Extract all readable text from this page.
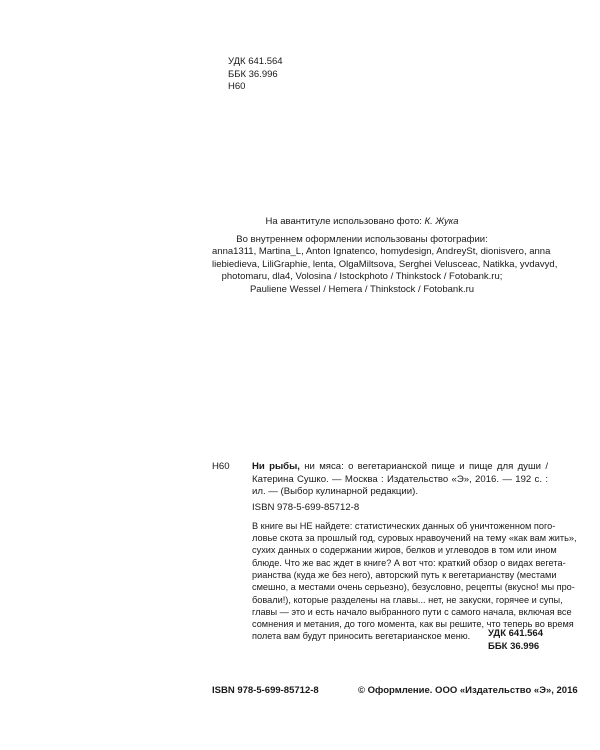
УДК 641.564
ББК 36.996
Н60
На авантитуле использовано фото: К. Жука
Во внутреннем оформлении использованы фотографии:
anna1311, Martina_L, Anton Ignatenco, homydesign, AndreySt, dionisvero, anna
liebiedieva, LiliGraphie, lenta, OlgaMiltsova, Serghei Velusceac, Natikka, yvdavyd,
photomaru, dla4, Volosina / Istockphoto / Thinkstock / Fotobank.ru;
Pauliene Wessel / Hemera / Thinkstock / Fotobank.ru
Н60 Ни рыбы, ни мяса: о вегетарианской пище и пище для души / Катерина Сушко. — Москва : Издательство «Э», 2016. — 192 с. : ил. — (Выбор кулинарной редакции).
ISBN 978-5-699-85712-8
В книге вы НЕ найдете: статистических данных об уничтоженном пого-
ловье скота за прошлый год, суровых нравоучений на тему «как вам жить»,
сухих данных о содержании жиров, белков и углеводов в том или ином
блюде. Что же вас ждет в книге? А вот что: краткий обзор о видах вегета-
рианства (куда же без него), авторский путь к вегетарианству (местами
смешно, а местами очень серьезно), безусловно, рецепты (вкусно! мы про-
бовали!), которые разделены на главы... нет, не закуски, горячее и супы,
главы — это и есть начало выбранного пути с самого начала, включая все
сомнения и метания, до того момента, как вы решите, что теперь во время
полета вам будут приносить вегетарианское меню.	УДК 641.564
ББК 36.996
ISBN 978-5-699-85712-8	© Оформление. ООО «Издательство «Э», 2016
